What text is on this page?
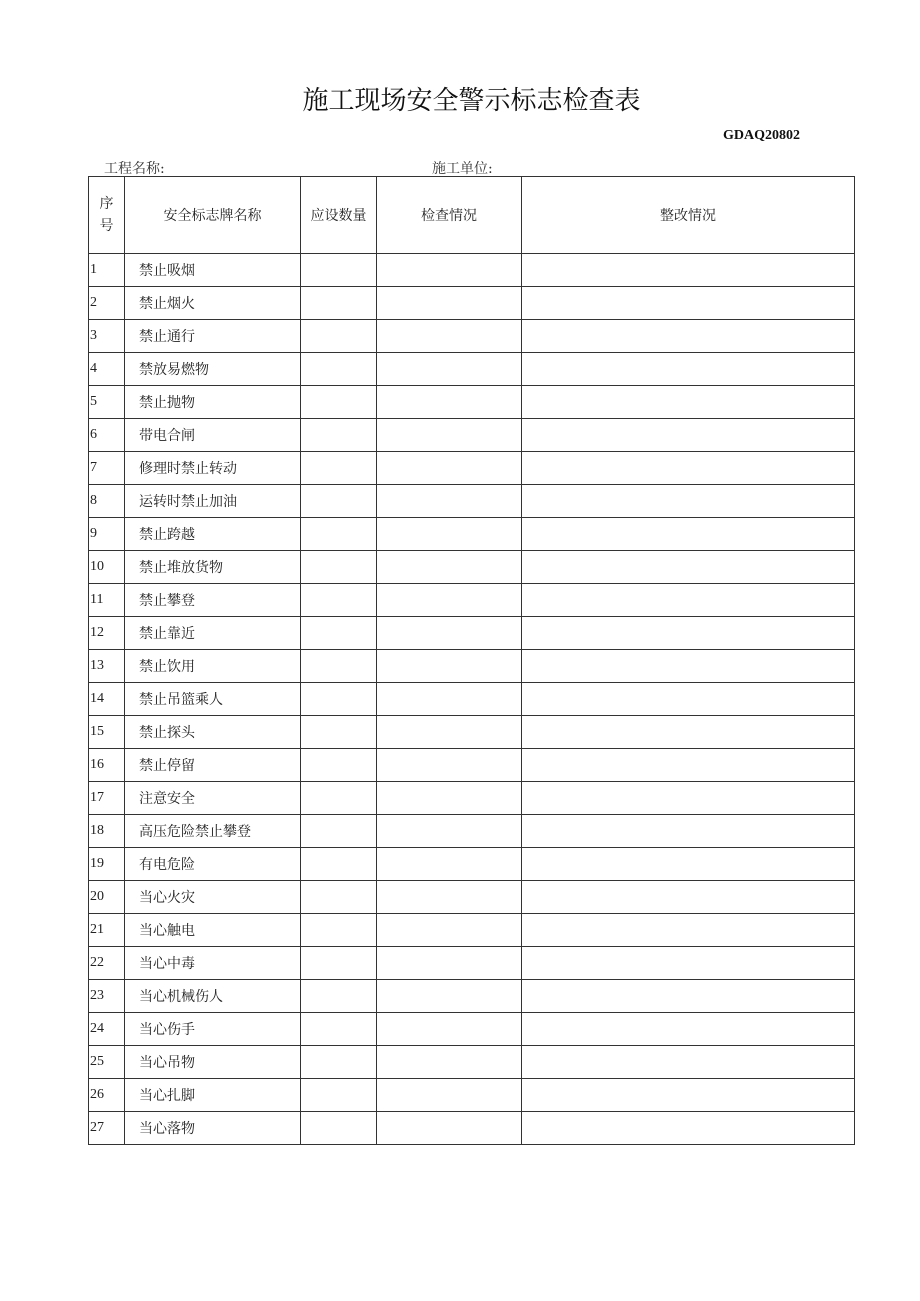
施工现场安全警示标志检查表
GDAQ20802
工程名称:	施工单位:
序
号	安全标志牌名称	应设数量	检查情况	整改情况
1	禁止吸烟			
2	禁止烟火			
3	禁止通行			
4	禁放易燃物			
5	禁止抛物			
6	带电合闸			
7	修理时禁止转动			
8	运转时禁止加油			
9	禁止跨越			
10	禁止堆放货物			
11	禁止攀登			
12	禁止靠近			
13	禁止饮用			
14	禁止吊篮乘人			
15	禁止探头			
16	禁止停留			
17	注意安全			
18	高压危险禁止攀登			
19	有电危险			
20	当心火灾			
21	当心触电			
22	当心中毒			
23	当心机械伤人			
24	当心伤手			
25	当心吊物			
26	当心扎脚			
27	当心落物			
